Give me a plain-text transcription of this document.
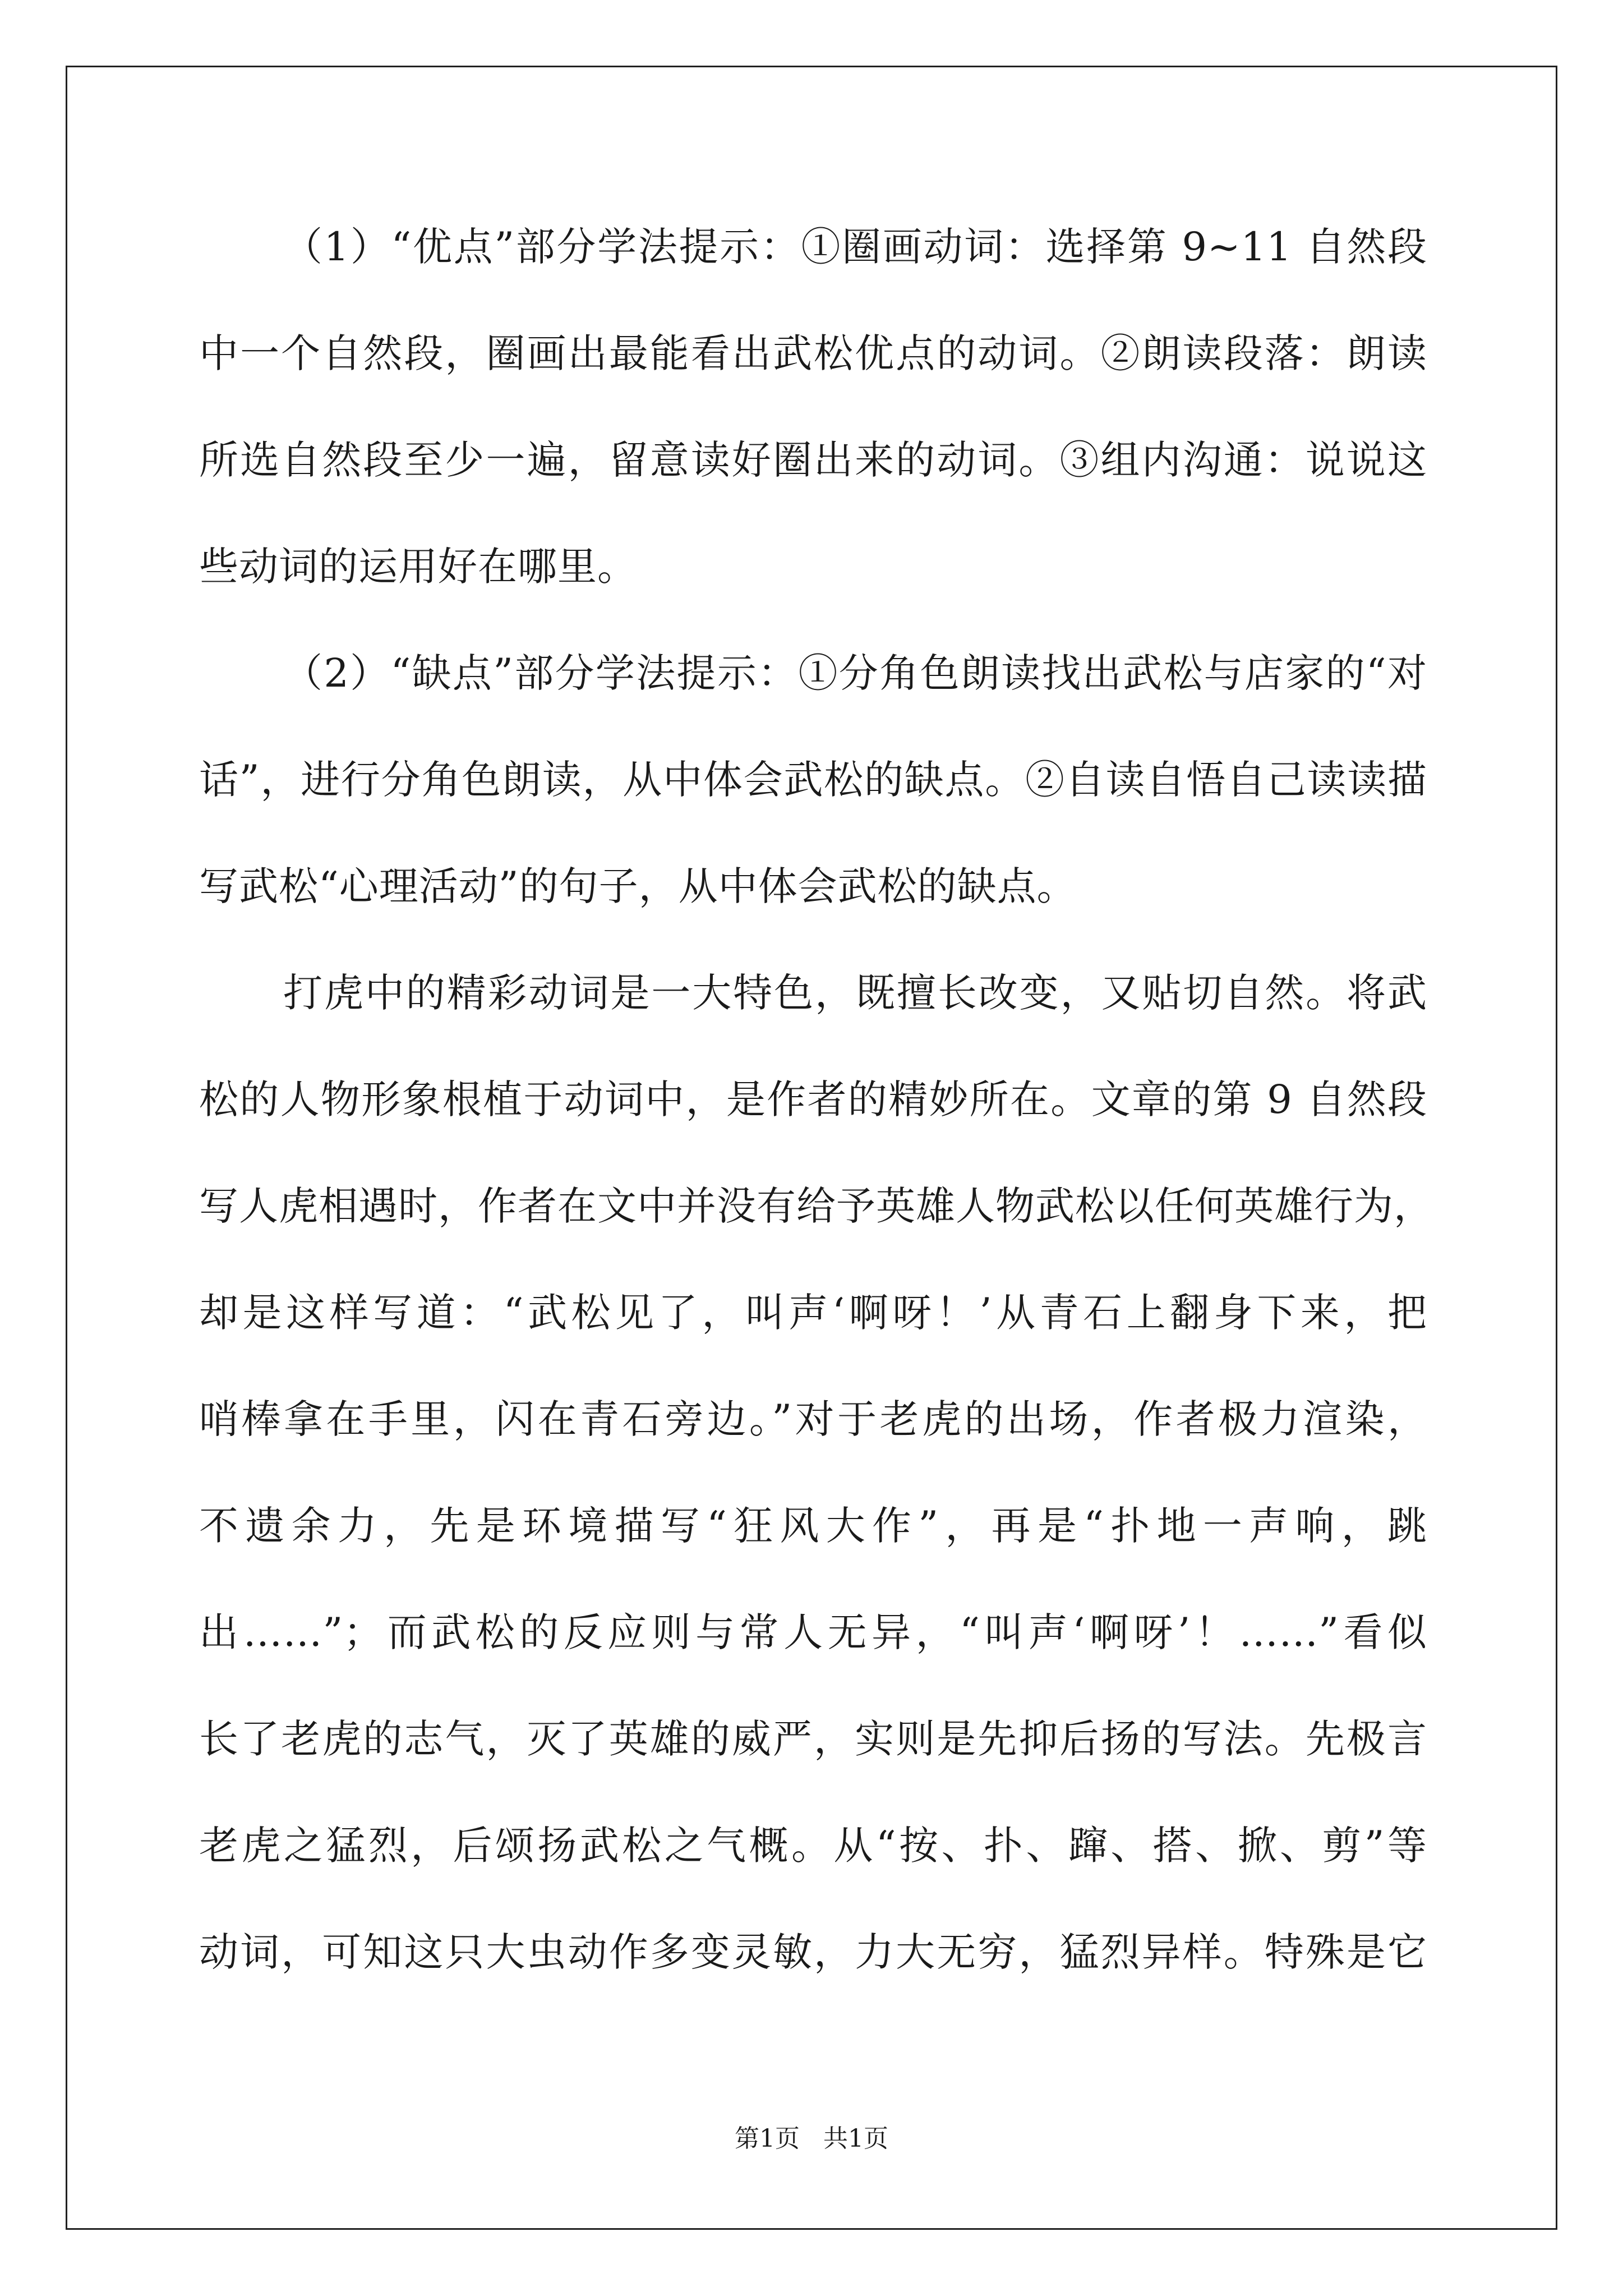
（1）“优点”部分学法提示：①圈画动词：选择第 9~11 自然段
中一个自然段，圈画出最能看出武松优点的动词。②朗读段落：朗读
所选自然段至少一遍，留意读好圈出来的动词。③组内沟通：说说这
些动词的运用好在哪里。
（2）“缺点”部分学法提示：①分角色朗读找出武松与店家的“对
话”，进行分角色朗读，从中体会武松的缺点。②自读自悟自己读读描
写武松“心理活动”的句子，从中体会武松的缺点。
打虎中的精彩动词是一大特色，既擅长改变，又贴切自然。将武
松的人物形象根植于动词中，是作者的精妙所在。文章的第 9 自然段
写人虎相遇时，作者在文中并没有给予英雄人物武松以任何英雄行为，
却是这样写道：“武松见了，叫声‘啊呀！’从青石上翻身下来，把
哨棒拿在手里，闪在青石旁边。”对于老虎的出场，作者极力渲染，
不遗余力，先是环境描写“狂风大作”，再是“扑地一声响，跳
出……”；而武松的反应则与常人无异，“叫声‘啊呀’！……”看似
长了老虎的志气，灭了英雄的威严，实则是先抑后扬的写法。先极言
老虎之猛烈，后颂扬武松之气概。从“按、扑、蹿、搭、掀、剪”等
动词，可知这只大虫动作多变灵敏，力大无穷，猛烈异样。特殊是它
第1页 共1页
